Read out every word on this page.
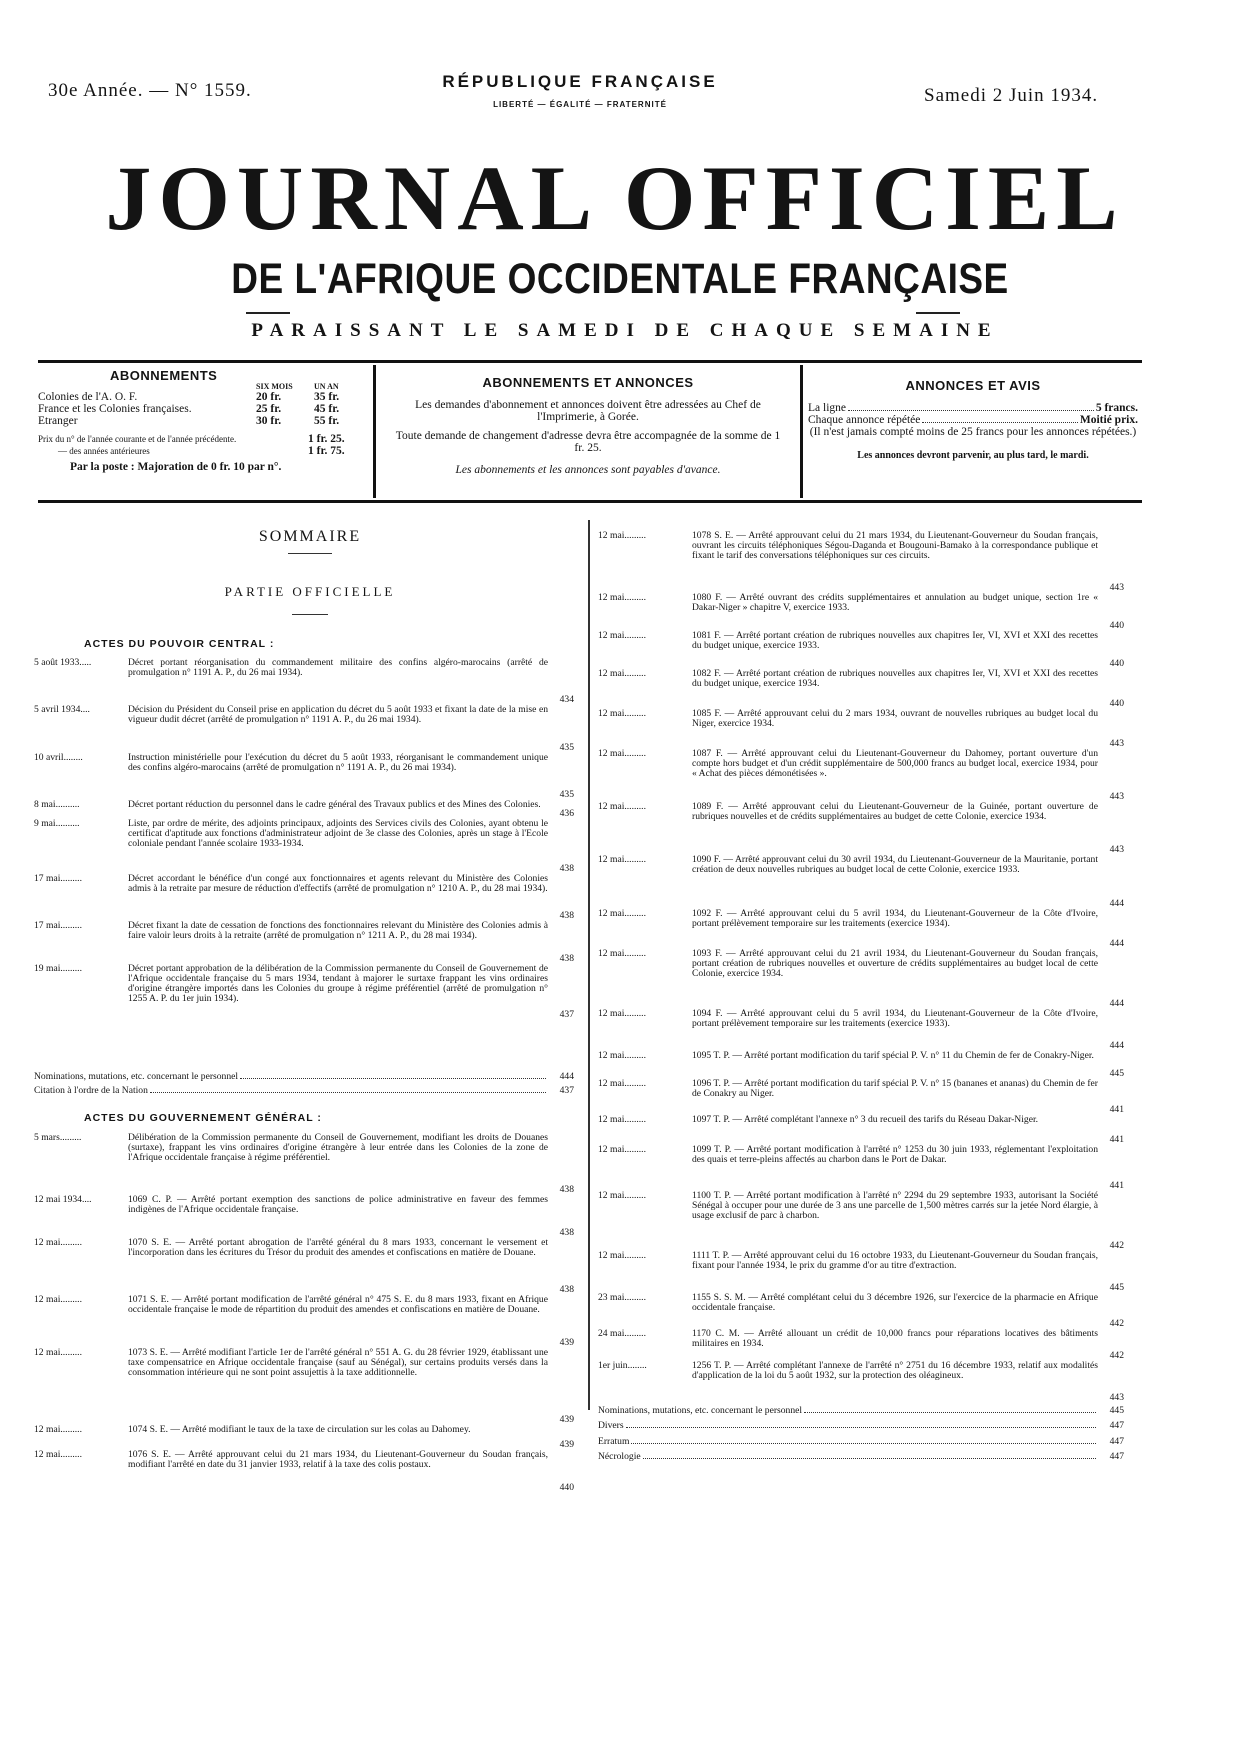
30e Année. — N° 1559.	RÉPUBLIQUE FRANÇAISE
LIBERTÉ — ÉGALITÉ — FRATERNITÉ	Samedi 2 Juin 1934.
JOURNAL OFFICIEL
DE L'AFRIQUE OCCIDENTALE FRANÇAISE
PARAISSANT LE SAMEDI DE CHAQUE SEMAINE
ABONNEMENTS
SIX MOIS	UN AN
Colonies de l'A. O. F.	20 fr.	35 fr.
France et les Colonies françaises.	25 fr.	45 fr.
Etranger	30 fr.	55 fr.
Prix du n° de l'année courante et de l'année précédente.	1 fr. 25.
— des années antérieures	1 fr. 75.
Par la poste : Majoration de 0 fr. 10 par n°.
ABONNEMENTS ET ANNONCES
Les demandes d'abonnement et annonces doivent être adressées au Chef de l'Imprimerie, à Gorée.
Toute demande de changement d'adresse devra être accompagnée de la somme de 1 fr. 25.
Les abonnements et les annonces sont payables d'avance.
ANNONCES ET AVIS
La ligne	5 francs.
Chaque annonce répétée	Moitié prix.
(Il n'est jamais compté moins de 25 francs pour les annonces répétées.)
Les annonces devront parvenir, au plus tard, le mardi.
SOMMAIRE
PARTIE OFFICIELLE
ACTES DU POUVOIR CENTRAL :
5 août 1933.....	Décret portant réorganisation du commandement militaire des confins algéro-marocains (arrêté de promulgation n° 1191 A. P., du 26 mai 1934).
434
5 avril 1934....	Décision du Président du Conseil prise en application du décret du 5 août 1933 et fixant la date de la mise en vigueur dudit décret (arrêté de promulgation n° 1191 A. P., du 26 mai 1934).
435
10 avril........	Instruction ministérielle pour l'exécution du décret du 5 août 1933, réorganisant le commandement unique des confins algéro-marocains (arrêté de promulgation n° 1191 A. P., du 26 mai 1934).
435
8 mai..........	Décret portant réduction du personnel dans le cadre général des Travaux publics et des Mines des Colonies.
436
9 mai..........	Liste, par ordre de mérite, des adjoints principaux, adjoints des Services civils des Colonies, ayant obtenu le certificat d'aptitude aux fonctions d'administrateur adjoint de 3e classe des Colonies, après un stage à l'Ecole coloniale pendant l'année scolaire 1933-1934.
438
17 mai.........	Décret accordant le bénéfice d'un congé aux fonctionnaires et agents relevant du Ministère des Colonies admis à la retraite par mesure de réduction d'effectifs (arrêté de promulgation n° 1210 A. P., du 28 mai 1934).
438
17 mai.........	Décret fixant la date de cessation de fonctions des fonctionnaires relevant du Ministère des Colonies admis à faire valoir leurs droits à la retraite (arrêté de promulgation n° 1211 A. P., du 28 mai 1934).
438
19 mai.........	Décret portant approbation de la délibération de la Commission permanente du Conseil de Gouvernement de l'Afrique occidentale française du 5 mars 1934, tendant à majorer le surtaxe frappant les vins ordinaires d'origine étrangère importés dans les Colonies du groupe à régime préférentiel (arrêté de promulgation n° 1255 A. P. du 1er juin 1934).
437
Nominations, mutations, etc. concernant le personnel	444
Citation à l'ordre de la Nation	437
ACTES DU GOUVERNEMENT GÉNÉRAL :
5 mars.........	Délibération de la Commission permanente du Conseil de Gouvernement, modifiant les droits de Douanes (surtaxe), frappant les vins ordinaires d'origine étrangère à leur entrée dans les Colonies de la zone de l'Afrique occidentale française à régime préférentiel.
438
12 mai 1934....	1069 C. P. — Arrêté portant exemption des sanctions de police administrative en faveur des femmes indigènes de l'Afrique occidentale française.
438
12 mai.........	1070 S. E. — Arrêté portant abrogation de l'arrêté général du 8 mars 1933, concernant le versement et l'incorporation dans les écritures du Trésor du produit des amendes et confiscations en matière de Douane.
438
12 mai.........	1071 S. E. — Arrêté portant modification de l'arrêté général n° 475 S. E. du 8 mars 1933, fixant en Afrique occidentale française le mode de répartition du produit des amendes et confiscations en matière de Douane.
439
12 mai.........	1073 S. E. — Arrêté modifiant l'article 1er de l'arrêté général n° 551 A. G. du 28 février 1929, établissant une taxe compensatrice en Afrique occidentale française (sauf au Sénégal), sur certains produits versés dans la consommation intérieure qui ne sont point assujettis à la taxe additionnelle.
439
12 mai.........	1074 S. E. — Arrêté modifiant le taux de la taxe de circulation sur les colas au Dahomey.
439
12 mai.........	1076 S. E. — Arrêté approuvant celui du 21 mars 1934, du Lieutenant-Gouverneur du Soudan français, modifiant l'arrêté en date du 31 janvier 1933, relatif à la taxe des colis postaux.
440
12 mai.........	1078 S. E. — Arrêté approuvant celui du 21 mars 1934, du Lieutenant-Gouverneur du Soudan français, ouvrant les circuits téléphoniques Ségou-Daganda et Bougouni-Bamako à la correspondance publique et fixant le tarif des conversations téléphoniques sur ces circuits.
443
12 mai.........	1080 F. — Arrêté ouvrant des crédits supplémentaires et annulation au budget unique, section 1re « Dakar-Niger » chapitre V, exercice 1933.
440
12 mai.........	1081 F. — Arrêté portant création de rubriques nouvelles aux chapitres Ier, VI, XVI et XXI des recettes du budget unique, exercice 1933.
440
12 mai.........	1082 F. — Arrêté portant création de rubriques nouvelles aux chapitres Ier, VI, XVI et XXI des recettes du budget unique, exercice 1934.
440
12 mai.........	1085 F. — Arrêté approuvant celui du 2 mars 1934, ouvrant de nouvelles rubriques au budget local du Niger, exercice 1934.
443
12 mai.........	1087 F. — Arrêté approuvant celui du Lieutenant-Gouverneur du Dahomey, portant ouverture d'un compte hors budget et d'un crédit supplémentaire de 500,000 francs au budget local, exercice 1934, pour « Achat des pièces démonétisées ».
443
12 mai.........	1089 F. — Arrêté approuvant celui du Lieutenant-Gouverneur de la Guinée, portant ouverture de rubriques nouvelles et de crédits supplémentaires au budget de cette Colonie, exercice 1934.
443
12 mai.........	1090 F. — Arrêté approuvant celui du 30 avril 1934, du Lieutenant-Gouverneur de la Mauritanie, portant création de deux nouvelles rubriques au budget local de cette Colonie, exercice 1933.
444
12 mai.........	1092 F. — Arrêté approuvant celui du 5 avril 1934, du Lieutenant-Gouverneur de la Côte d'Ivoire, portant prélèvement temporaire sur les traitements (exercice 1934).
444
12 mai.........	1093 F. — Arrêté approuvant celui du 21 avril 1934, du Lieutenant-Gouverneur du Soudan français, portant création de rubriques nouvelles et ouverture de crédits supplémentaires au budget local de cette Colonie, exercice 1934.
444
12 mai.........	1094 F. — Arrêté approuvant celui du 5 avril 1934, du Lieutenant-Gouverneur de la Côte d'Ivoire, portant prélèvement temporaire sur les traitements (exercice 1933).
444
12 mai.........	1095 T. P. — Arrêté portant modification du tarif spécial P. V. n° 11 du Chemin de fer de Conakry-Niger.
445
12 mai.........	1096 T. P. — Arrêté portant modification du tarif spécial P. V. n° 15 (bananes et ananas) du Chemin de fer de Conakry au Niger.
441
12 mai.........	1097 T. P. — Arrêté complétant l'annexe n° 3 du recueil des tarifs du Réseau Dakar-Niger.
441
12 mai.........	1099 T. P. — Arrêté portant modification à l'arrêté n° 1253 du 30 juin 1933, réglementant l'exploitation des quais et terre-pleins affectés au charbon dans le Port de Dakar.
441
12 mai.........	1100 T. P. — Arrêté portant modification à l'arrêté n° 2294 du 29 septembre 1933, autorisant la Société Sénégal à occuper pour une durée de 3 ans une parcelle de 1,500 mètres carrés sur la jetée Nord élargie, à usage exclusif de parc à charbon.
442
12 mai.........	1111 T. P. — Arrêté approuvant celui du 16 octobre 1933, du Lieutenant-Gouverneur du Soudan français, fixant pour l'année 1934, le prix du gramme d'or au titre d'extraction.
445
23 mai.........	1155 S. S. M. — Arrêté complétant celui du 3 décembre 1926, sur l'exercice de la pharmacie en Afrique occidentale française.
442
24 mai.........	1170 C. M. — Arrêté allouant un crédit de 10,000 francs pour réparations locatives des bâtiments militaires en 1934.
442
1er juin........	1256 T. P. — Arrêté complétant l'annexe de l'arrêté n° 2751 du 16 décembre 1933, relatif aux modalités d'application de la loi du 5 août 1932, sur la protection des oléagineux.
443
Nominations, mutations, etc. concernant le personnel	445
Divers	447
Erratum	447
Nécrologie	447
